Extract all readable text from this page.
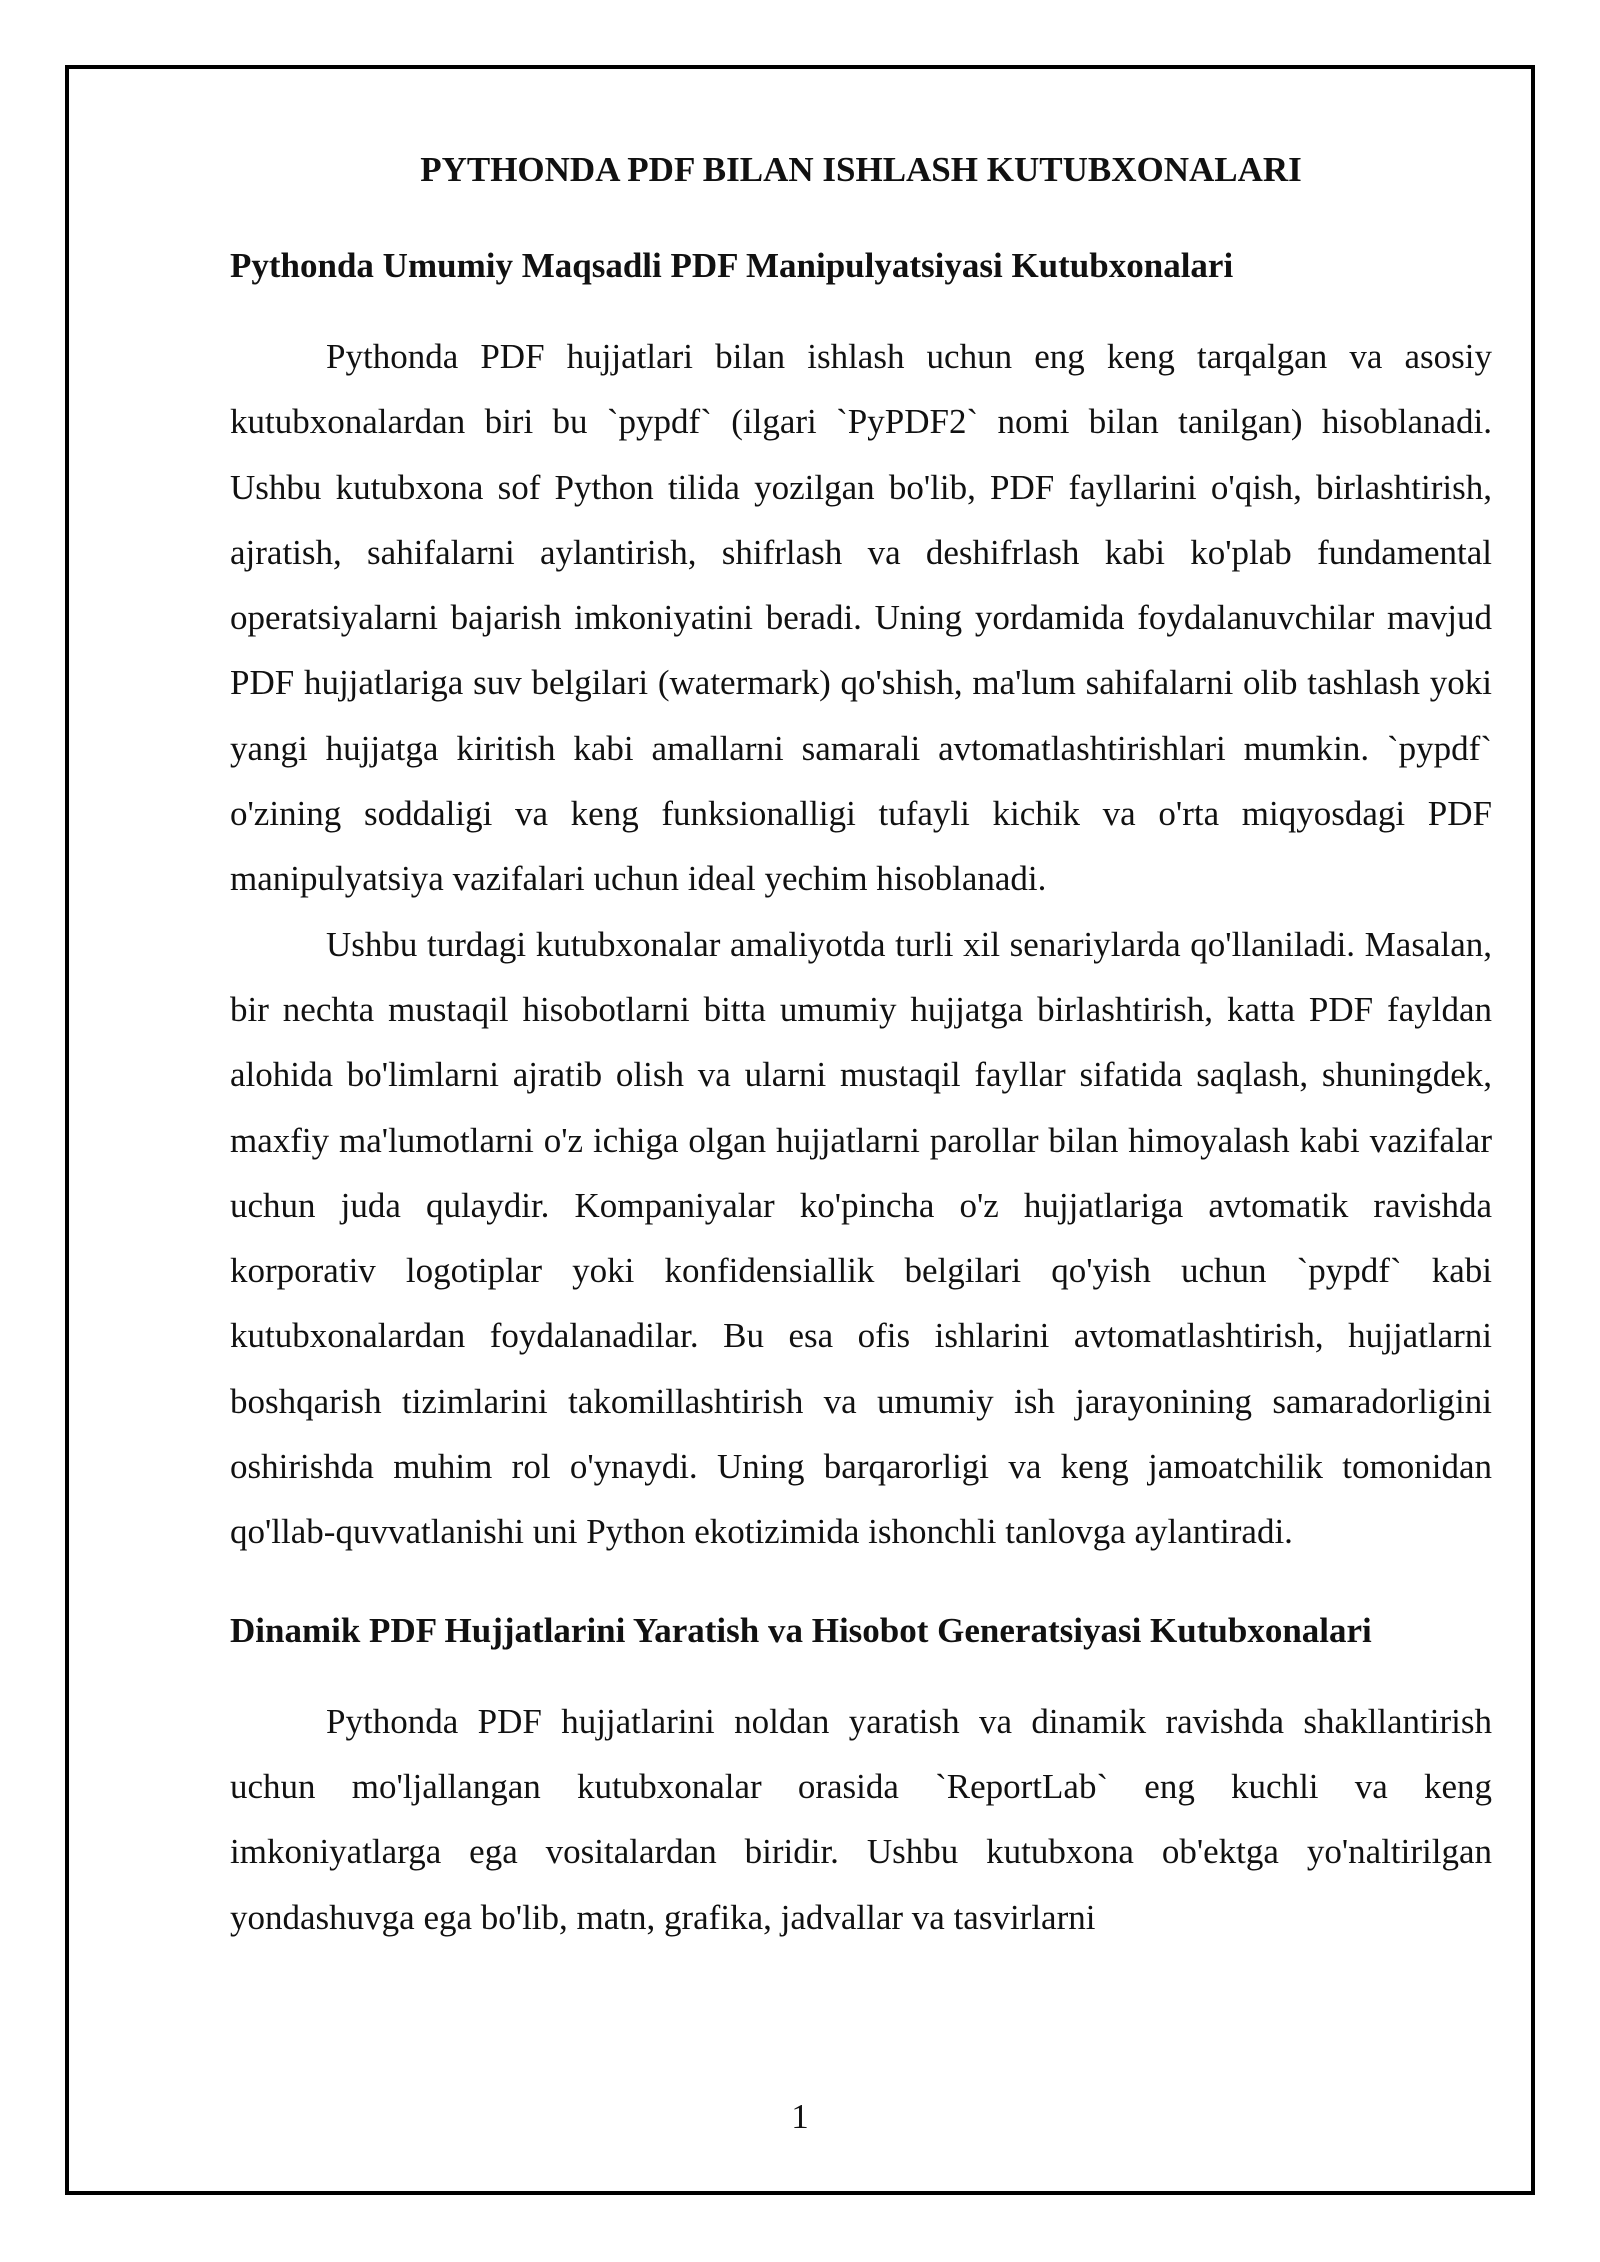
PYTHONDA PDF BILAN ISHLASH KUTUBXONALARI
Pythonda Umumiy Maqsadli PDF Manipulyatsiyasi Kutubxonalari

Pythonda PDF hujjatlari bilan ishlash uchun eng keng tarqalgan va asosiy kutubxonalardan biri bu `pypdf` (ilgari `PyPDF2` nomi bilan tanilgan) hisoblanadi. Ushbu kutubxona sof Python tilida yozilgan bo'lib, PDF fayllarini o'qish, birlashtirish, ajratish, sahifalarni aylantirish, shifrlash va deshifrlash kabi ko'plab fundamental operatsiyalarni bajarish imkoniyatini beradi. Uning yordamida foydalanuvchilar mavjud PDF hujjatlariga suv belgilari (watermark) qo'shish, ma'lum sahifalarni olib tashlash yoki yangi hujjatga kiritish kabi amallarni samarali avtomatlashtirishlari mumkin. `pypdf` o'zining soddaligi va keng funksionalligi tufayli kichik va o'rta miqyosdagi PDF manipulyatsiya vazifalari uchun ideal yechim hisoblanadi.

Ushbu turdagi kutubxonalar amaliyotda turli xil senariylarda qo'llaniladi. Masalan, bir nechta mustaqil hisobotlarni bitta umumiy hujjatga birlashtirish, katta PDF fayldan alohida bo'limlarni ajratib olish va ularni mustaqil fayllar sifatida saqlash, shuningdek, maxfiy ma'lumotlarni o'z ichiga olgan hujjatlarni parollar bilan himoyalash kabi vazifalar uchun juda qulaydir. Kompaniyalar ko'pincha o'z hujjatlariga avtomatik ravishda korporativ logotiplar yoki konfidensiallik belgilari qo'yish uchun `pypdf` kabi kutubxonalardan foydalanadilar. Bu esa ofis ishlarini avtomatlashtirish, hujjatlarni boshqarish tizimlarini takomillashtirish va umumiy ish jarayonining samaradorligini oshirishda muhim rol o'ynaydi. Uning barqarorligi va keng jamoatchilik tomonidan qo'llab-quvvatlanishi uni Python ekotizimida ishonchli tanlovga aylantiradi.

Dinamik PDF Hujjatlarini Yaratish va Hisobot Generatsiyasi Kutubxonalari

Pythonda PDF hujjatlarini noldan yaratish va dinamik ravishda shakllantirish uchun mo'ljallangan kutubxonalar orasida `ReportLab` eng kuchli va keng imkoniyatlarga ega vositalardan biridir. Ushbu kutubxona ob'ektga yo'naltirilgan yondashuvga ega bo'lib, matn, grafika, jadvallar va tasvirlarni

1
